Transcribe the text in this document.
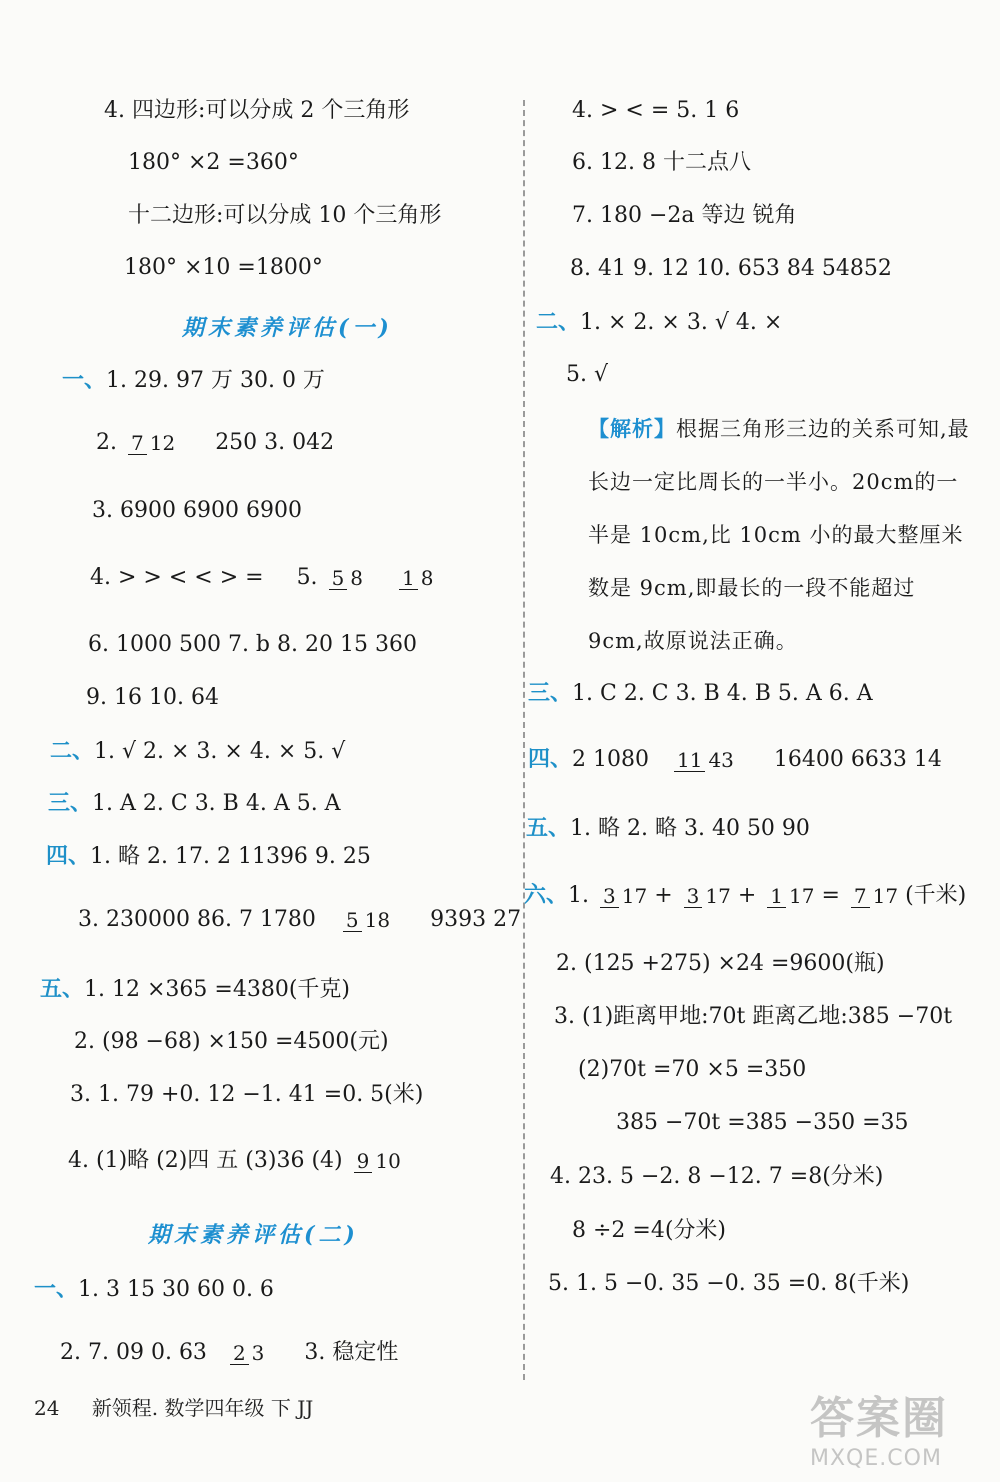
4. 四边形:可以分成 2 个三角形
180° ×2 =360°
十二边形:可以分成 10 个三角形
180° ×10 =1800°
期末素养评估(一)
一、1. 29. 97 万 30. 0 万
2. 7 12 250 3. 042
3. 6900 6900 6900
4. > > < < > = 5. 5 8 1 8
6. 1000 500 7. b 8. 20 15 360
9. 16 10. 64
二、1. √ 2. × 3. × 4. × 5. √
三、1. A 2. C 3. B 4. A 5. A
四、1. 略 2. 17. 2 11396 9. 25
3. 230000 86. 7 1780 5 18 9393 27
五、1. 12 ×365 =4380(千克)
2. (98 −68) ×150 =4500(元)
3. 1. 79 +0. 12 −1. 41 =0. 5(米)
4. (1)略 (2)四 五 (3)36 (4) 9 10
期末素养评估(二)
一、1. 3 15 30 60 0. 6
2. 7. 09 0. 63 2 3 3. 稳定性
4. > < = 5. 1 6
6. 12. 8 十二点八
7. 180 −2a 等边 锐角
8. 41 9. 12 10. 653 84 54852
二、1. × 2. × 3. √ 4. ×
5. √
【解析】根据三角形三边的关系可知,最长边一定比周长的一半小。20cm的一半是 10cm,比 10cm 小的最大整厘米数是 9cm,即最长的一段不能超过 9cm,故原说法正确。
三、1. C 2. C 3. B 4. B 5. A 6. A
四、2 1080 11 43 16400 6633 14
五、1. 略 2. 略 3. 40 50 90
六、1. 3 17 + 3 17 + 1 17 = 7 17 (千米)
2. (125 +275) ×24 =9600(瓶)
3. (1)距离甲地:70t 距离乙地:385 −70t
(2)70t =70 ×5 =350
385 −70t =385 −350 =35
4. 23. 5 −2. 8 −12. 7 =8(分米)
8 ÷2 =4(分米)
5. 1. 5 −0. 35 −0. 35 =0. 8(千米)
24 新领程. 数学四年级 下 JJ	答案圈
MXQE.COM
